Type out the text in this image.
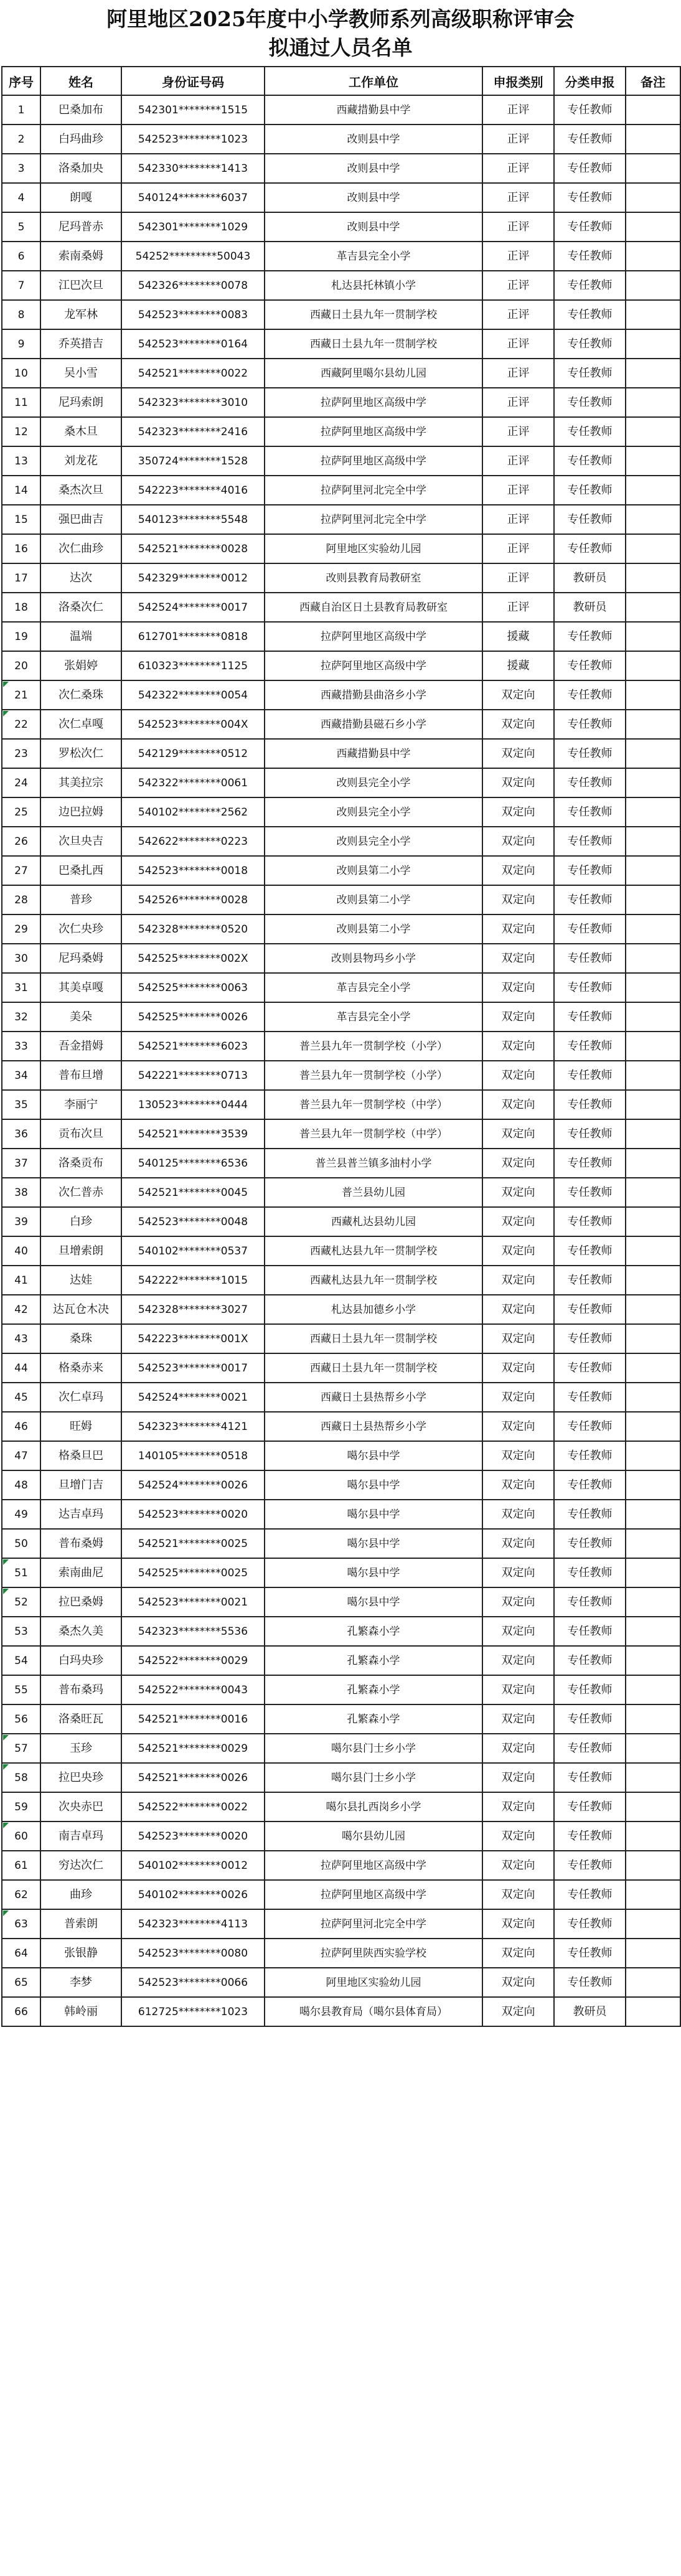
阿里地区2025年度中小学教师系列高级职称评审会
拟通过人员名单
序号	姓名	身份证号码	工作单位	申报类别	分类申报	备注
1	巴桑加布	542301********1515	西藏措勤县中学	正评	专任教师	
2	白玛曲珍	542523********1023	改则县中学	正评	专任教师	
3	洛桑加央	542330********1413	改则县中学	正评	专任教师	
4	朗嘎	540124********6037	改则县中学	正评	专任教师	
5	尼玛普赤	542301********1029	改则县中学	正评	专任教师	
6	索南桑姆	54252*********50043	革吉县完全小学	正评	专任教师	
7	江巴次旦	542326********0078	札达县托林镇小学	正评	专任教师	
8	龙军林	542523********0083	西藏日土县九年一贯制学校	正评	专任教师	
9	乔英措吉	542523********0164	西藏日土县九年一贯制学校	正评	专任教师	
10	吴小雪	542521********0022	西藏阿里噶尔县幼儿园	正评	专任教师	
11	尼玛索朗	542323********3010	拉萨阿里地区高级中学	正评	专任教师	
12	桑木旦	542323********2416	拉萨阿里地区高级中学	正评	专任教师	
13	刘龙花	350724********1528	拉萨阿里地区高级中学	正评	专任教师	
14	桑杰次旦	542223********4016	拉萨阿里河北完全中学	正评	专任教师	
15	强巴曲吉	540123********5548	拉萨阿里河北完全中学	正评	专任教师	
16	次仁曲珍	542521********0028	阿里地区实验幼儿园	正评	专任教师	
17	达次	542329********0012	改则县教育局教研室	正评	教研员	
18	洛桑次仁	542524********0017	西藏自治区日土县教育局教研室	正评	教研员	
19	温端	612701********0818	拉萨阿里地区高级中学	援藏	专任教师	
20	张娟婷	610323********1125	拉萨阿里地区高级中学	援藏	专任教师	
21	次仁桑珠	542322********0054	西藏措勤县曲洛乡小学	双定向	专任教师	
22	次仁卓嘎	542523********004X	西藏措勤县磁石乡小学	双定向	专任教师	
23	罗松次仁	542129********0512	西藏措勤县中学	双定向	专任教师	
24	其美拉宗	542322********0061	改则县完全小学	双定向	专任教师	
25	边巴拉姆	540102********2562	改则县完全小学	双定向	专任教师	
26	次旦央吉	542622********0223	改则县完全小学	双定向	专任教师	
27	巴桑扎西	542523********0018	改则县第二小学	双定向	专任教师	
28	普珍	542526********0028	改则县第二小学	双定向	专任教师	
29	次仁央珍	542328********0520	改则县第二小学	双定向	专任教师	
30	尼玛桑姆	542525********002X	改则县物玛乡小学	双定向	专任教师	
31	其美卓嘎	542525********0063	革吉县完全小学	双定向	专任教师	
32	美朵	542525********0026	革吉县完全小学	双定向	专任教师	
33	吾金措姆	542521********6023	普兰县九年一贯制学校（小学）	双定向	专任教师	
34	普布旦增	542221********0713	普兰县九年一贯制学校（小学）	双定向	专任教师	
35	李丽宁	130523********0444	普兰县九年一贯制学校（中学）	双定向	专任教师	
36	贡布次旦	542521********3539	普兰县九年一贯制学校（中学）	双定向	专任教师	
37	洛桑贡布	540125********6536	普兰县普兰镇多油村小学	双定向	专任教师	
38	次仁普赤	542521********0045	普兰县幼儿园	双定向	专任教师	
39	白珍	542523********0048	西藏札达县幼儿园	双定向	专任教师	
40	旦增索朗	540102********0537	西藏札达县九年一贯制学校	双定向	专任教师	
41	达娃	542222********1015	西藏札达县九年一贯制学校	双定向	专任教师	
42	达瓦仓木决	542328********3027	札达县加德乡小学	双定向	专任教师	
43	桑珠	542223********001X	西藏日土县九年一贯制学校	双定向	专任教师	
44	格桑赤来	542523********0017	西藏日土县九年一贯制学校	双定向	专任教师	
45	次仁卓玛	542524********0021	西藏日土县热帮乡小学	双定向	专任教师	
46	旺姆	542323********4121	西藏日土县热帮乡小学	双定向	专任教师	
47	格桑旦巴	140105********0518	噶尔县中学	双定向	专任教师	
48	旦增门吉	542524********0026	噶尔县中学	双定向	专任教师	
49	达吉卓玛	542523********0020	噶尔县中学	双定向	专任教师	
50	普布桑姆	542521********0025	噶尔县中学	双定向	专任教师	
51	索南曲尼	542525********0025	噶尔县中学	双定向	专任教师	
52	拉巴桑姆	542523********0021	噶尔县中学	双定向	专任教师	
53	桑杰久美	542323********5536	孔繁森小学	双定向	专任教师	
54	白玛央珍	542522********0029	孔繁森小学	双定向	专任教师	
55	普布桑玛	542522********0043	孔繁森小学	双定向	专任教师	
56	洛桑旺瓦	542521********0016	孔繁森小学	双定向	专任教师	
57	玉珍	542521********0029	噶尔县门士乡小学	双定向	专任教师	
58	拉巴央珍	542521********0026	噶尔县门士乡小学	双定向	专任教师	
59	次央赤巴	542522********0022	噶尔县扎西岗乡小学	双定向	专任教师	
60	南吉卓玛	542523********0020	噶尔县幼儿园	双定向	专任教师	
61	穷达次仁	540102********0012	拉萨阿里地区高级中学	双定向	专任教师	
62	曲珍	540102********0026	拉萨阿里地区高级中学	双定向	专任教师	
63	普索朗	542323********4113	拉萨阿里河北完全中学	双定向	专任教师	
64	张银静	542523********0080	拉萨阿里陕西实验学校	双定向	专任教师	
65	李梦	542523********0066	阿里地区实验幼儿园	双定向	专任教师	
66	韩岭丽	612725********1023	噶尔县教育局（噶尔县体育局）	双定向	教研员	
